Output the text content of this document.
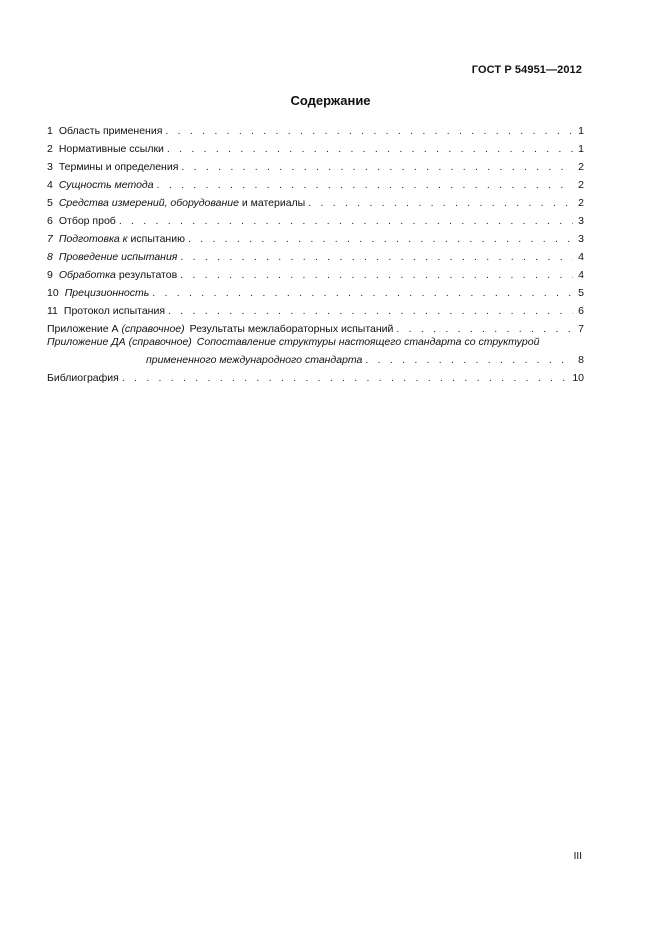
ГОСТ Р 54951—2012
Содержание
1 Область применения . . .	1
2 Нормативные ссылки . . .	1
3 Термины и определения . . .	2
4 Сущность метода . . .	2
5 Средства измерений, оборудование и материалы . . .	2
6 Отбор проб . . .	3
7 Подготовка к испытанию . . .	3
8 Проведение испытания . . .	4
9 Обработка результатов . . .	4
10 Прецизионность . . .	5
11 Протокол испытания . . .	6
Приложение А (справочное) Результаты межлабораторных испытаний . . .	7
Приложение ДА (справочное) Сопоставление структуры настоящего стандарта со структурой
примененного международного стандарта . . .	8
Библиография . . .	10
III
